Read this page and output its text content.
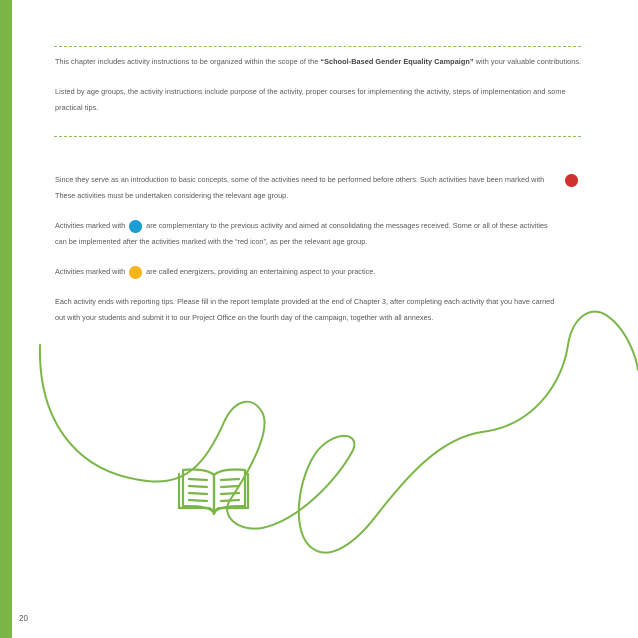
This chapter includes activity instructions to be organized within the scope of the “School-Based Gender Equality Campaign” with your valuable contributions.

Listed by age groups, the activity instructions include purpose of the activity, proper courses for implementing the activity, steps of implementation and some practical tips.

Since they serve as an introduction to basic concepts, some of the activities need to be performed before others. Such activities have been marked with

These activities must be undertaken considering the relevant age group.

Activities marked with	are complementary to the previous activity and aimed at consolidating the messages received. Some or all of these activities

can be implemented after the activities marked with the “red icon”, as per the relevant age group.

Activities marked with	are called energizers, providing an entertaining aspect to your practice.

Each activity ends with reporting tips. Please fill in the report template provided at the end of Chapter 3, after completing each activity that you have carried

out with your students and submit it to our Project Office on the fourth day of the campaign, together with all annexes.

20
